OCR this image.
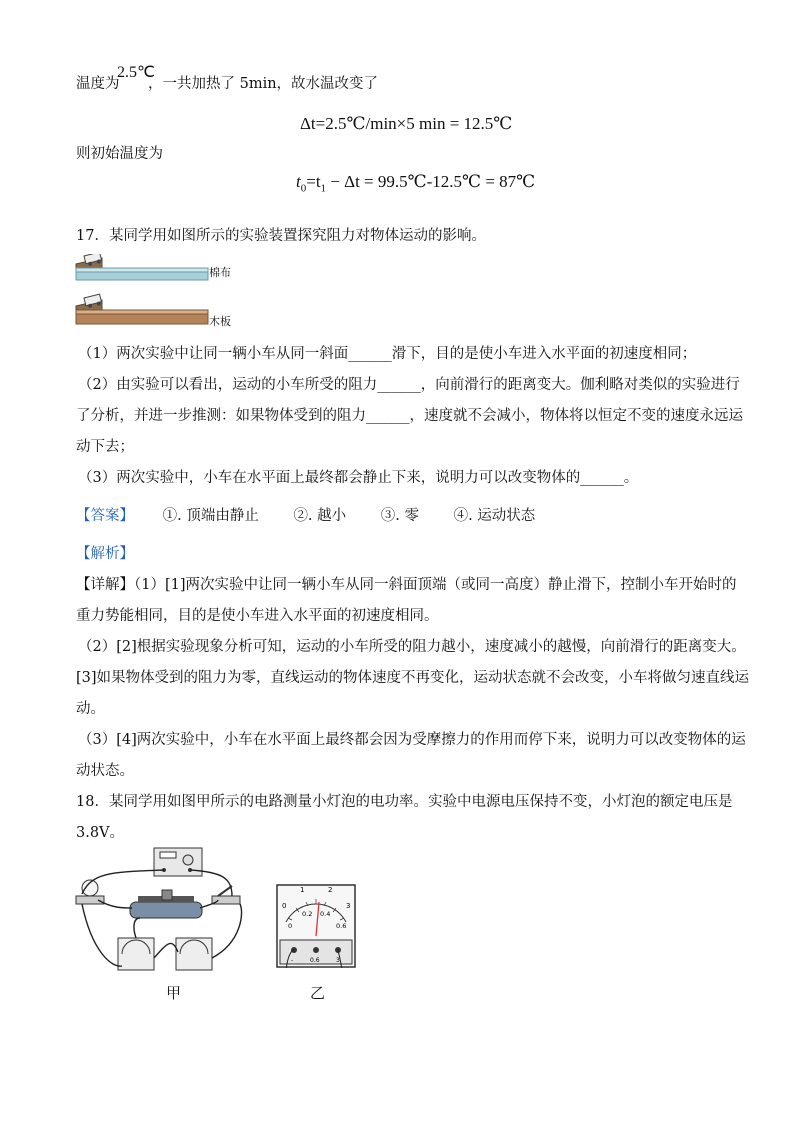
温度为
2.5℃
，一共加热了 5min，故水温改变了
Δt=2.5℃/min×5 min = 12.5℃
则初始温度为
$t_0=t_1 - \Delta t$ = 99.5℃-12.5℃ = 87℃
17．某同学用如图所示的实验装置探究阻力对物体运动的影响。
棉布
木板
（1）两次实验中让同一辆小车从同一斜面______滑下，目的是使小车进入水平面的初速度相同；
（2）由实验可以看出，运动的小车所受的阻力______，向前滑行的距离变大。伽利略对类似的实验进行
了分析，并进一步推测：如果物体受到的阻力______，速度就不会减小，物体将以恒定不变的速度永远运
动下去；
（3）两次实验中，小车在水平面上最终都会静止下来，说明力可以改变物体的______。
【答案】 ①. 顶端由静止 ②. 越小 ③. 零 ④. 运动状态
【解析】
【详解】（1）[1]两次实验中让同一辆小车从同一斜面顶端（或同一高度）静止滑下，控制小车开始时的
重力势能相同，目的是使小车进入水平面的初速度相同。
（2）[2]根据实验现象分析可知，运动的小车所受的阻力越小，速度减小的越慢，向前滑行的距离变大。
[3]如果物体受到的阻力为零，直线运动的物体速度不再变化，运动状态就不会改变，小车将做匀速直线运
动。
（3）[4]两次实验中，小车在水平面上最终都会因为受摩擦力的作用而停下来，说明力可以改变物体的运
动状态。
18．某同学用如图甲所示的电路测量小灯泡的电功率。实验中电源电压保持不变，小灯泡的额定电压是
3.8V。
甲
1	2
0	3
0
0.2 0.4
0.6
-	0.6	3
乙
